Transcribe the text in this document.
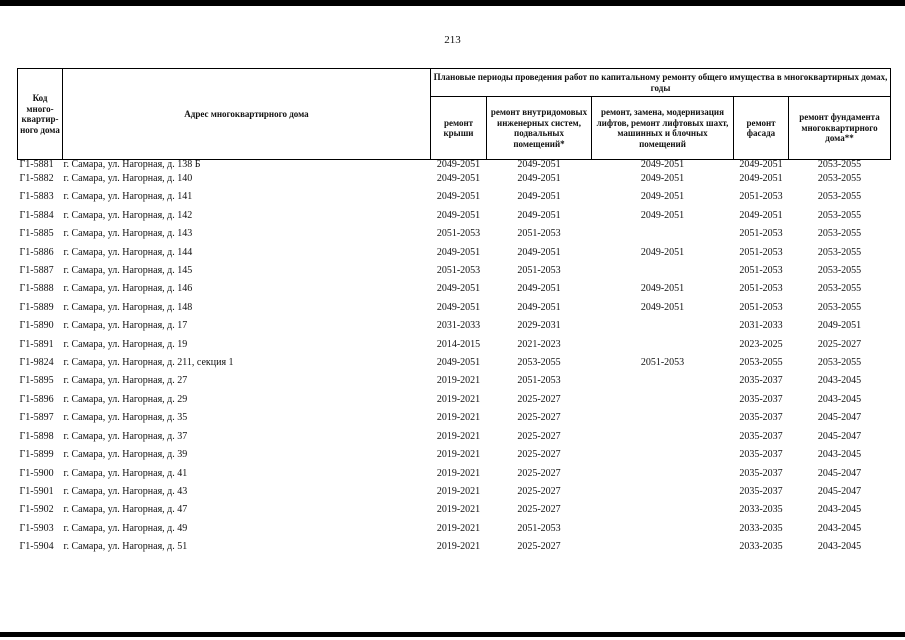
213
Код много-квартир-ного дома	Адрес многоквартирного дома	Плановые периоды проведения работ по капитальному ремонту общего имущества в многоквартирных домах, годы				
		ремонт крыши	ремонт внутридомовых инженерных систем, подвальных помещений*	ремонт, замена, модернизация лифтов, ремонт лифтовых шахт, машинных и блочных помещений	ремонт фасада	ремонт фундамента многоквартирного дома**
Г1-5881	г. Самара, ул. Нагорная, д. 138 Б	2049-2051	2049-2051	2049-2051	2049-2051	2053-2055
Г1-5882	г. Самара, ул. Нагорная, д. 140	2049-2051	2049-2051	2049-2051	2049-2051	2053-2055
Г1-5883	г. Самара, ул. Нагорная, д. 141	2049-2051	2049-2051	2049-2051	2051-2053	2053-2055
Г1-5884	г. Самара, ул. Нагорная, д. 142	2049-2051	2049-2051	2049-2051	2049-2051	2053-2055
Г1-5885	г. Самара, ул. Нагорная, д. 143	2051-2053	2051-2053		2051-2053	2053-2055
Г1-5886	г. Самара, ул. Нагорная, д. 144	2049-2051	2049-2051	2049-2051	2051-2053	2053-2055
Г1-5887	г. Самара, ул. Нагорная, д. 145	2051-2053	2051-2053		2051-2053	2053-2055
Г1-5888	г. Самара, ул. Нагорная, д. 146	2049-2051	2049-2051	2049-2051	2051-2053	2053-2055
Г1-5889	г. Самара, ул. Нагорная, д. 148	2049-2051	2049-2051	2049-2051	2051-2053	2053-2055
Г1-5890	г. Самара, ул. Нагорная, д. 17	2031-2033	2029-2031		2031-2033	2049-2051
Г1-5891	г. Самара, ул. Нагорная, д. 19	2014-2015	2021-2023		2023-2025	2025-2027
Г1-9824	г. Самара, ул. Нагорная, д. 211, секция 1	2049-2051	2053-2055	2051-2053	2053-2055	2053-2055
Г1-5895	г. Самара, ул. Нагорная, д. 27	2019-2021	2051-2053		2035-2037	2043-2045
Г1-5896	г. Самара, ул. Нагорная, д. 29	2019-2021	2025-2027		2035-2037	2043-2045
Г1-5897	г. Самара, ул. Нагорная, д. 35	2019-2021	2025-2027		2035-2037	2045-2047
Г1-5898	г. Самара, ул. Нагорная, д. 37	2019-2021	2025-2027		2035-2037	2045-2047
Г1-5899	г. Самара, ул. Нагорная, д. 39	2019-2021	2025-2027		2035-2037	2043-2045
Г1-5900	г. Самара, ул. Нагорная, д. 41	2019-2021	2025-2027		2035-2037	2045-2047
Г1-5901	г. Самара, ул. Нагорная, д. 43	2019-2021	2025-2027		2035-2037	2045-2047
Г1-5902	г. Самара, ул. Нагорная, д. 47	2019-2021	2025-2027		2033-2035	2043-2045
Г1-5903	г. Самара, ул. Нагорная, д. 49	2019-2021	2051-2053		2033-2035	2043-2045
Г1-5904	г. Самара, ул. Нагорная, д. 51	2019-2021	2025-2027		2033-2035	2043-2045
